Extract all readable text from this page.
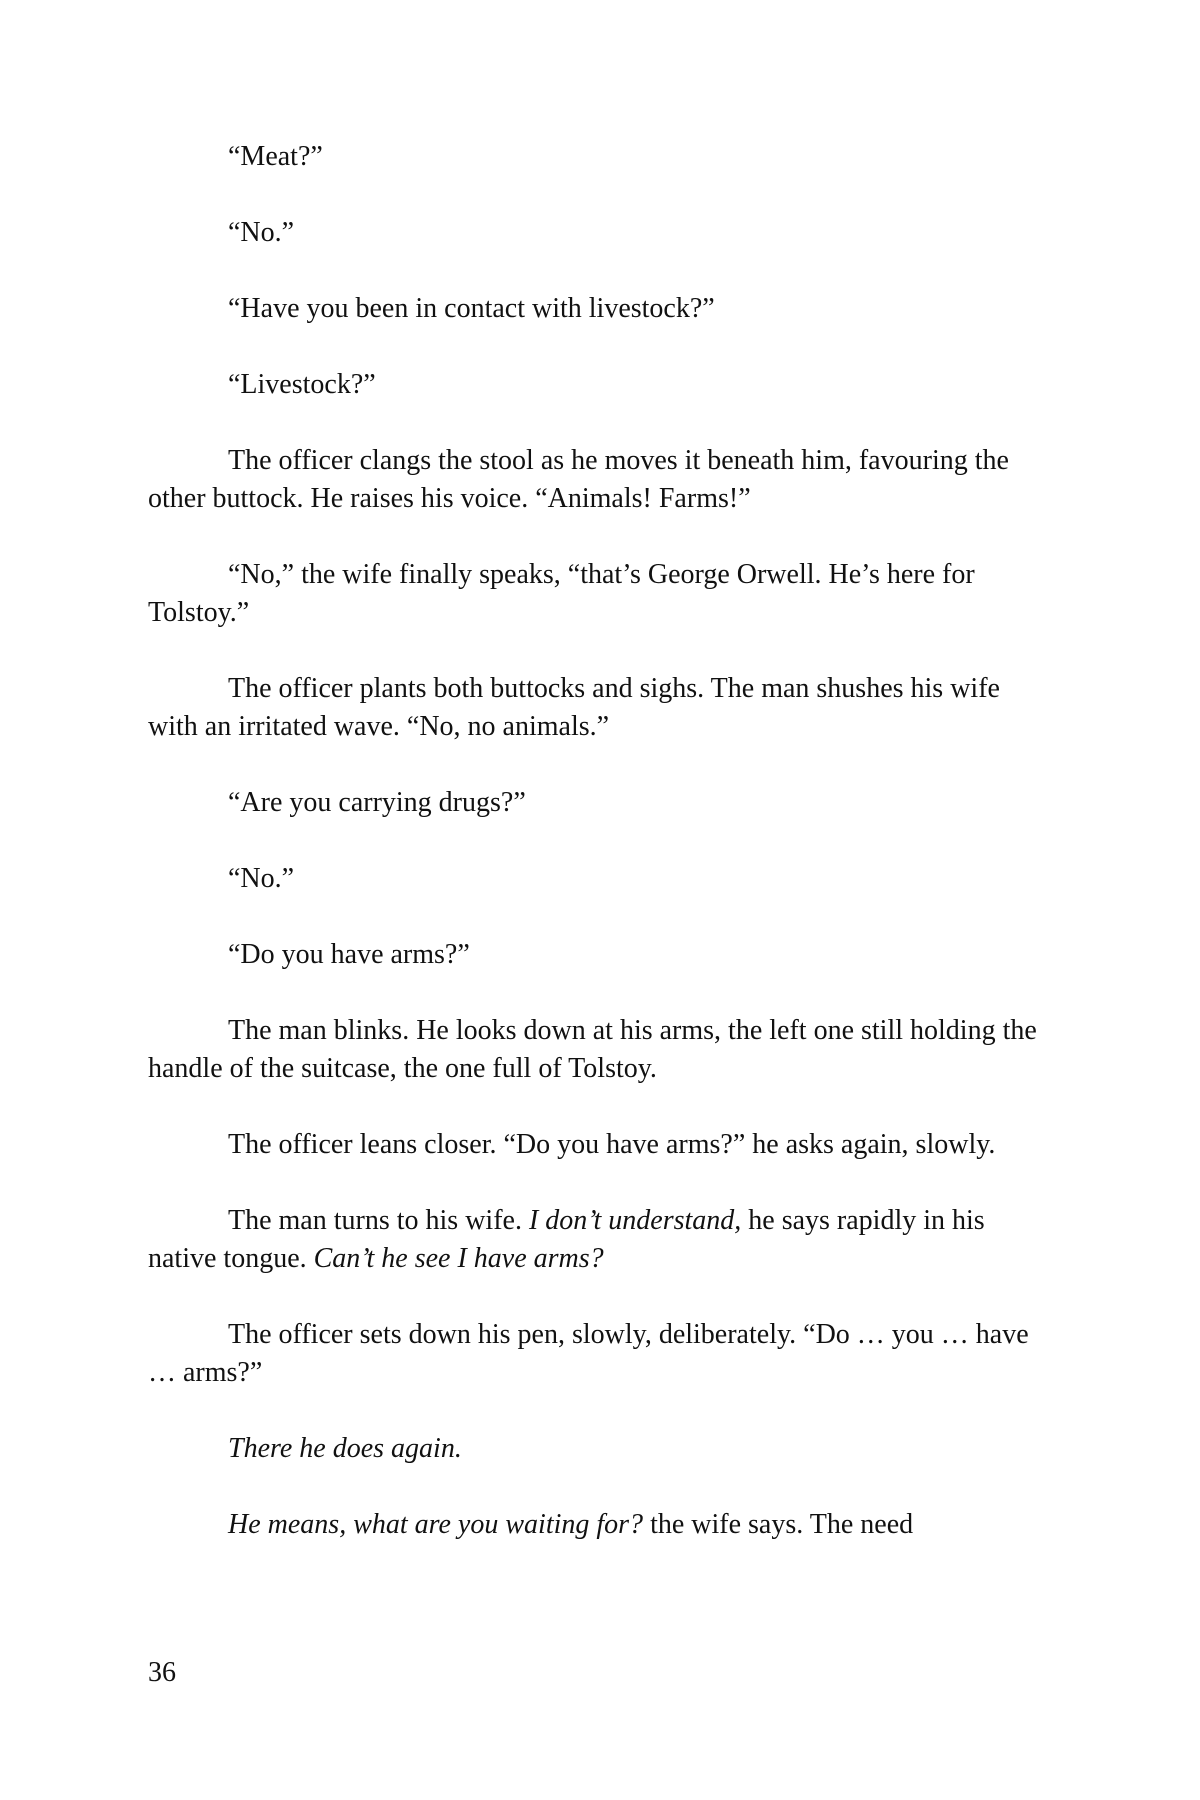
“Meat?”

“No.”

“Have you been in contact with livestock?”

“Livestock?”

The officer clangs the stool as he moves it beneath him, favouring the other buttock. He raises his voice. “Animals! Farms!”

“No,” the wife finally speaks, “that’s George Orwell. He’s here for Tolstoy.”

The officer plants both buttocks and sighs. The man shushes his wife with an irritated wave. “No, no animals.”

“Are you carrying drugs?”

“No.”

“Do you have arms?”

The man blinks. He looks down at his arms, the left one still holding the handle of the suitcase, the one full of Tolstoy.

The officer leans closer. “Do you have arms?” he asks again, slowly.

The man turns to his wife. I don’t understand, he says rapidly in his native tongue. Can’t he see I have arms?

The officer sets down his pen, slowly, deliberately. “Do … you … have … arms?”

There he does again.

He means, what are you waiting for? the wife says. The need

36
